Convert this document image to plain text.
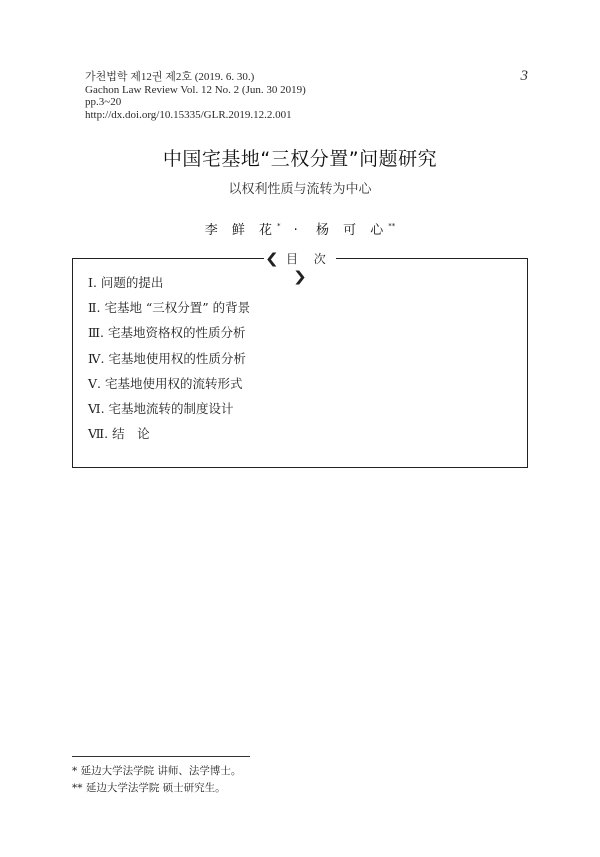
가천법학 제12권 제2호 (2019. 6. 30.)
Gachon Law Review Vol. 12 No. 2 (Jun. 30 2019)
pp.3~20
http://dx.doi.org/10.15335/GLR.2019.12.2.001
3
中国宅基地“三权分置”问题研究
以权利性质与流转为中心
李 鲜 花* · 杨 可 心**
❮ 目 次❯
Ⅰ. 问题的提出
Ⅱ. 宅基地 “三权分置” 的背景
Ⅲ. 宅基地资格权的性质分析
Ⅳ. 宅基地使用权的性质分析
Ⅴ. 宅基地使用权的流转形式
Ⅵ. 宅基地流转的制度设计
Ⅶ. 结　论
* 延边大学法学院 讲师、法学博士。
** 延边大学法学院 硕士研究生。
